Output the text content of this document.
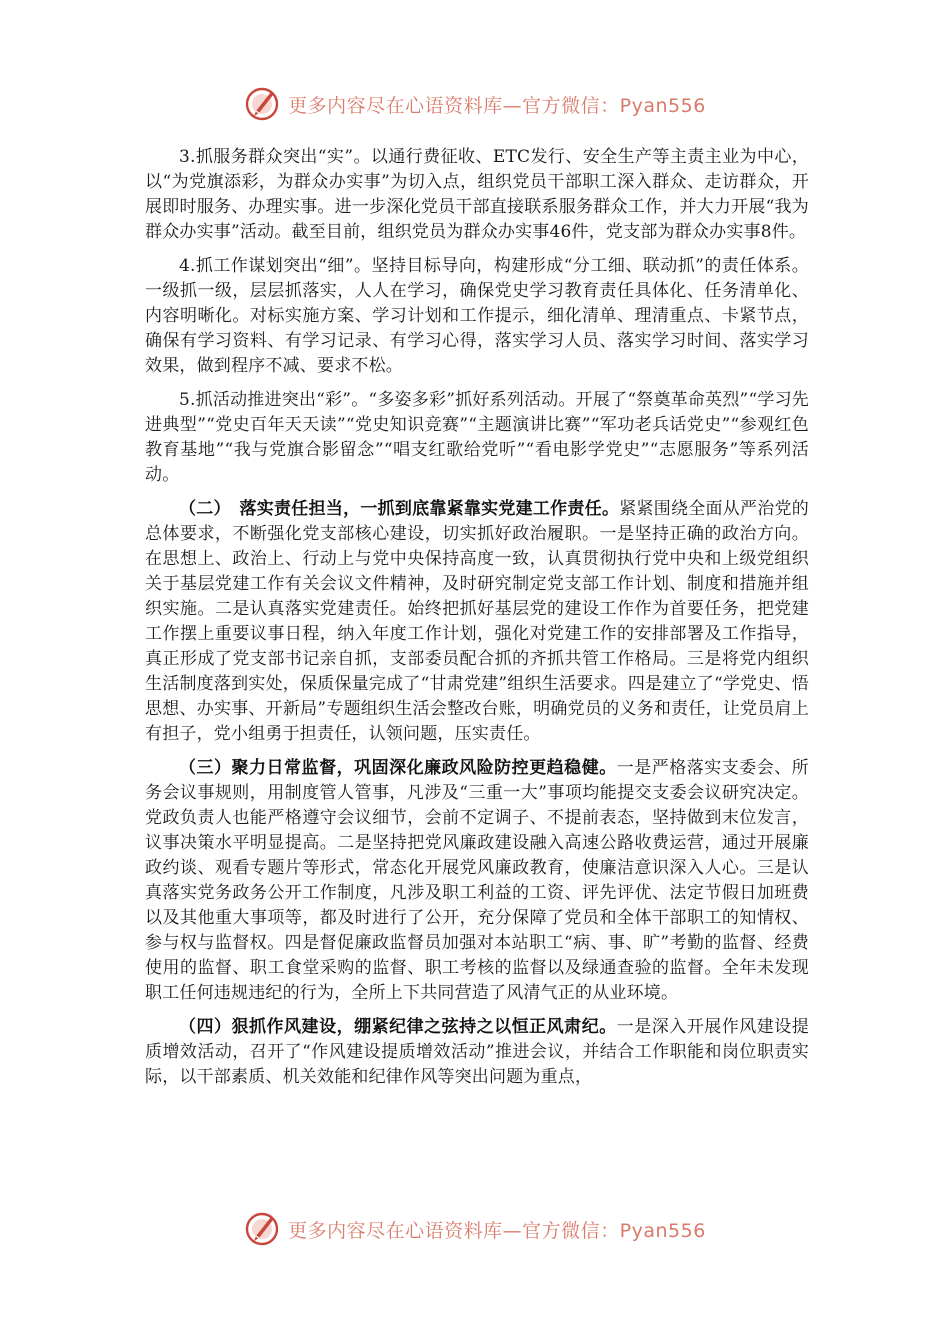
更多内容尽在心语资料库—官方微信：Pyan556

3.抓服务群众突出“实”。以通行费征收、ETC发行、安全生产等主责主业为中心，以“为党旗添彩，为群众办实事”为切入点，组织党员干部职工深入群众、走访群众，开展即时服务、办理实事。进一步深化党员干部直接联系服务群众工作，并大力开展“我为群众办实事”活动。截至目前，组织党员为群众办实事46件，党支部为群众办实事8件。

4.抓工作谋划突出“细”。坚持目标导向，构建形成“分工细、联动抓”的责任体系。一级抓一级，层层抓落实，人人在学习，确保党史学习教育责任具体化、任务清单化、内容明晰化。对标实施方案、学习计划和工作提示，细化清单、理清重点、卡紧节点，确保有学习资料、有学习记录、有学习心得，落实学习人员、落实学习时间、落实学习效果，做到程序不减、要求不松。

5.抓活动推进突出“彩”。“多姿多彩”抓好系列活动。开展了“祭奠革命英烈”“学习先进典型”“党史百年天天读”“党史知识竞赛”“主题演讲比赛”“军功老兵话党史”“参观红色教育基地”“我与党旗合影留念”“唱支红歌给党听”“看电影学党史”“志愿服务”等系列活动。

（二）　落实责任担当，一抓到底靠紧靠实党建工作责任。紧紧围绕全面从严治党的总体要求，不断强化党支部核心建设，切实抓好政治履职。一是坚持正确的政治方向。在思想上、政治上、行动上与党中央保持高度一致，认真贯彻执行党中央和上级党组织关于基层党建工作有关会议文件精神，及时研究制定党支部工作计划、制度和措施并组织实施。二是认真落实党建责任。始终把抓好基层党的建设工作作为首要任务，把党建工作摆上重要议事日程，纳入年度工作计划，强化对党建工作的安排部署及工作指导，真正形成了党支部书记亲自抓，支部委员配合抓的齐抓共管工作格局。三是将党内组织生活制度落到实处，保质保量完成了“甘肃党建”组织生活要求。四是建立了“学党史、悟思想、办实事、开新局”专题组织生活会整改台账，明确党员的义务和责任，让党员肩上有担子，党小组勇于担责任，认领问题，压实责任。

（三）聚力日常监督，巩固深化廉政风险防控更趋稳健。一是严格落实支委会、所务会议事规则，用制度管人管事，凡涉及“三重一大”事项均能提交支委会议研究决定。党政负责人也能严格遵守会议细节，会前不定调子、不提前表态，坚持做到末位发言，议事决策水平明显提高。二是坚持把党风廉政建设融入高速公路收费运营，通过开展廉政约谈、观看专题片等形式，常态化开展党风廉政教育，使廉洁意识深入人心。三是认真落实党务政务公开工作制度，凡涉及职工利益的工资、评先评优、法定节假日加班费以及其他重大事项等，都及时进行了公开，充分保障了党员和全体干部职工的知情权、参与权与监督权。四是督促廉政监督员加强对本站职工“病、事、旷”考勤的监督、经费使用的监督、职工食堂采购的监督、职工考核的监督以及绿通查验的监督。全年未发现职工任何违规违纪的行为，全所上下共同营造了风清气正的从业环境。

（四）狠抓作风建设，绷紧纪律之弦持之以恒正风肃纪。一是深入开展作风建设提质增效活动，召开了“作风建设提质增效活动”推进会议，并结合工作职能和岗位职责实际，以干部素质、机关效能和纪律作风等突出问题为重点，

更多内容尽在心语资料库—官方微信：Pyan556
